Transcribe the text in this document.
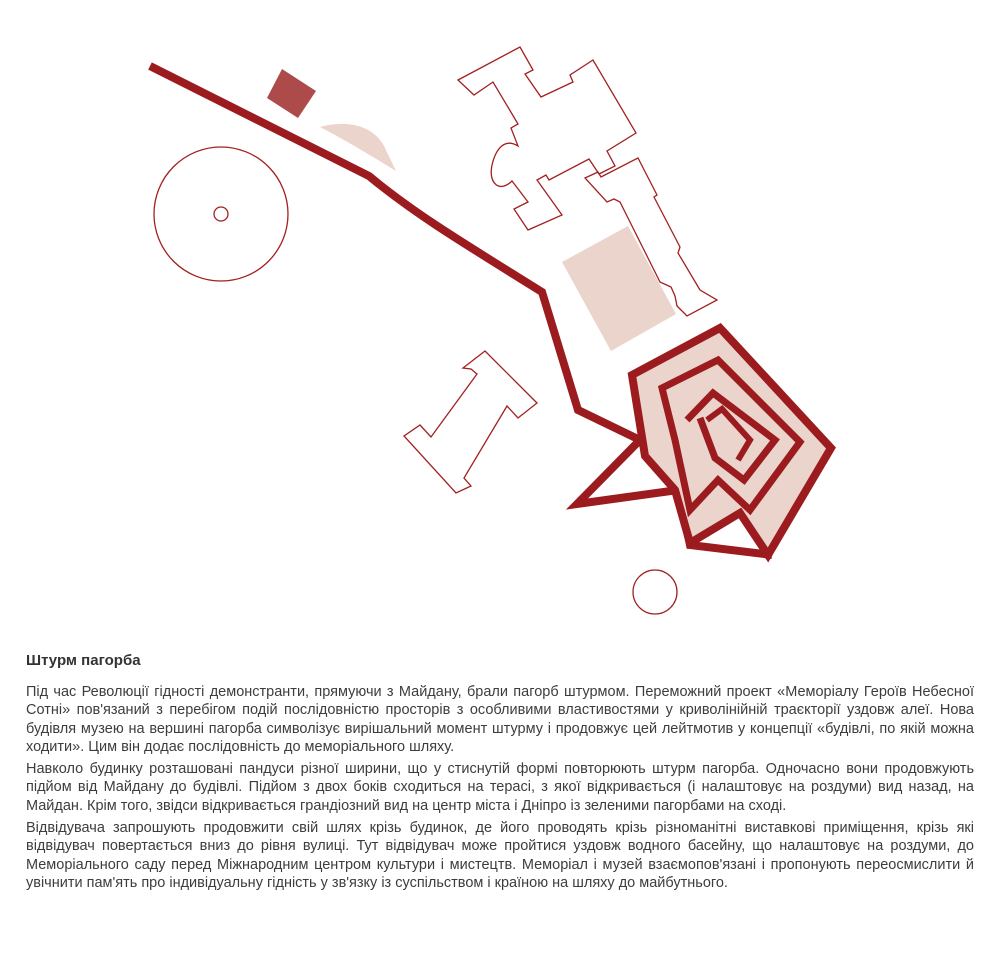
Штурм пагорба

Під час Революції гідності демонстранти, прямуючи з Майдану, брали пагорб штурмом. Переможний проект «Меморіалу Героїв Небесної Сотні» пов'язаний з перебігом подій послідовністю просторів з особливими властивостями у криволінійній траєкторії уздовж алеї. Нова будівля музею на вершині пагорба символізує вирішальний момент штурму і продовжує цей лейтмотив у концепції «будівлі, по якій можна ходити». Цим він додає послідовність до меморіального шляху.

Навколо будинку розташовані пандуси різної ширини, що у стиснутій формі повторюють штурм пагорба. Одночасно вони продовжують підйом від Майдану до будівлі. Підйом з двох боків сходиться на терасі, з якої відкривається (і налаштовує на роздуми) вид назад, на Майдан. Крім того, звідси відкривається грандіозний вид на центр міста і Дніпро із зеленими пагорбами на сході.

Відвідувача запрошують продовжити свій шлях крізь будинок, де його проводять крізь різноманітні виставкові приміщення, крізь які відвідувач повертається вниз до рівня вулиці. Тут відвідувач може пройтися уздовж водного басейну, що налаштовує на роздуми, до Меморіального саду перед Міжнародним центром культури і мистецтв. Меморіал і музей взаємопов'язані і пропонують переосмислити й увічнити пам'ять про індивідуальну гідність у зв'язку із суспільством і країною на шляху до майбутнього.
